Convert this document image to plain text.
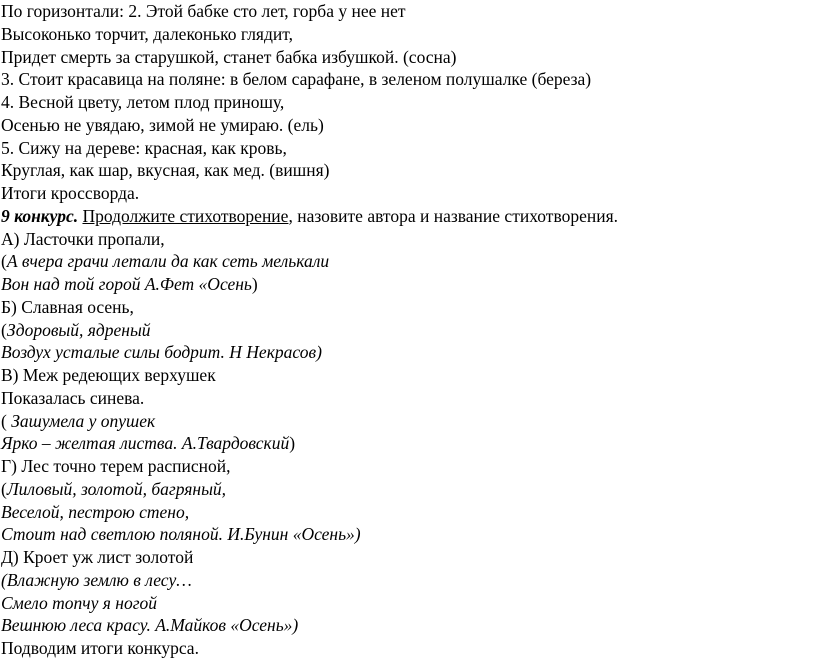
По горизонтали: 2. Этой бабке сто лет, горба у нее нет
Высоконько торчит, далеконько глядит,
Придет смерть за старушкой, станет бабка избушкой. (сосна)
3. Стоит красавица на поляне: в белом сарафане, в зеленом полушалке (береза)
4. Весной цвету, летом плод приношу,
Осенью не увядаю, зимой не умираю. (ель)
5. Сижу на дереве: красная, как кровь,
Круглая, как шар, вкусная, как мед. (вишня)
Итоги кроссворда.
9 конкурс. Продолжите стихотворение, назовите автора и название стихотворения.
А) Ласточки пропали,
(А вчера грачи летали да как сеть мелькали
Вон над той горой А.Фет «Осень)
Б) Славная осень,
(Здоровый, ядреный
Воздух усталые силы бодрит. Н Некрасов)
В) Меж редеющих верхушек
Показалась синева.
( Зашумела у опушек
Ярко – желтая листва. А.Твардовский)
Г) Лес точно терем расписной,
(Лиловый, золотой, багряный,
Веселой, пестрою стено,
Стоит над светлою поляной. И.Бунин «Осень»)
Д) Кроет уж лист золотой
(Влажную землю в лесу…
Смело топчу я ногой
Вешнюю леса красу. А.Майков «Осень»)
Подводим итоги конкурса.
